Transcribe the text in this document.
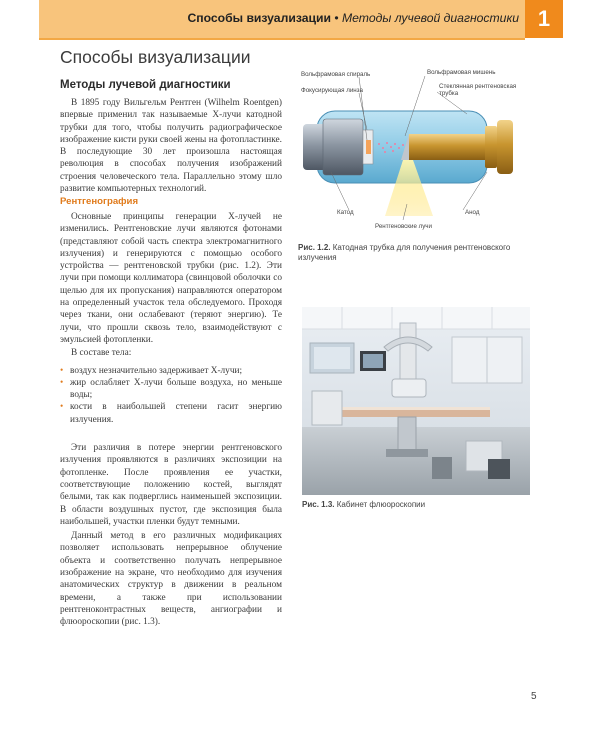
Способы визуализации • Методы лучевой диагностики 1
Способы визуализации
Методы лучевой диагностики

В 1895 году Вильгельм Рентген (Wilhelm Roentgen) впервые применил так называемые Х-лучи катодной трубки для того, чтобы получить радиографическое изображение кисти руки своей жены на фотопластинке. В последующие 30 лет произошла настоящая революция в способах получения изображений строения человеческого тела. Параллельно этому шло развитие компьютерных технологий.

Рентгенография

Основные принципы генерации Х-лучей не изменились. Рентгеновские лучи являются фотонами (представляют собой часть спектра электромагнитного излучения) и генерируются с помощью особого устройства — рентгеновской трубки (рис. 1.2). Эти лучи при помощи коллиматора (свинцовой оболочки со щелью для их пропускания) направляются оператором на определенный участок тела обследуемого. Проходя через ткани, они ослабевают (теряют энергию). Те лучи, что прошли сквозь тело, взаимодействуют с эмульсией фотопленки.

В составе тела:

• воздух незначительно задерживает Х-лучи;
• жир ослабляет Х-лучи больше воздуха, но меньше воды;
• кости в наибольшей степени гасит энергию излучения.

Эти различия в потере энергии рентгеновского излучения проявляются в различиях экспозиции на фотопленке. После проявления ее участки, соответствующие положению костей, выглядят белыми, так как подверглись наименьшей экспозиции. В области воздушных пустот, где экспозиция была наибольшей, участки пленки будут темными.

Данный метод в его различных модификациях позволяет использовать непрерывное облучение объекта и соответственно получать непрерывное изображение на экране, что необходимо для изучения анатомических структур в движении в реальном времени, а также при использовании рентгеноконтрастных веществ, ангиографии и флюороскопии (рис. 1.3).

Вольфрамовая спираль
Фокусирующая линза
Вольфрамовая мишень
Стеклянная рентгеновская
трубка
Катод	Анод
Рентгеновские лучи
Рис. 1.2. Катодная трубка для получения рентгеновского излучения
Рис. 1.3. Кабинет флюороскопии
5
